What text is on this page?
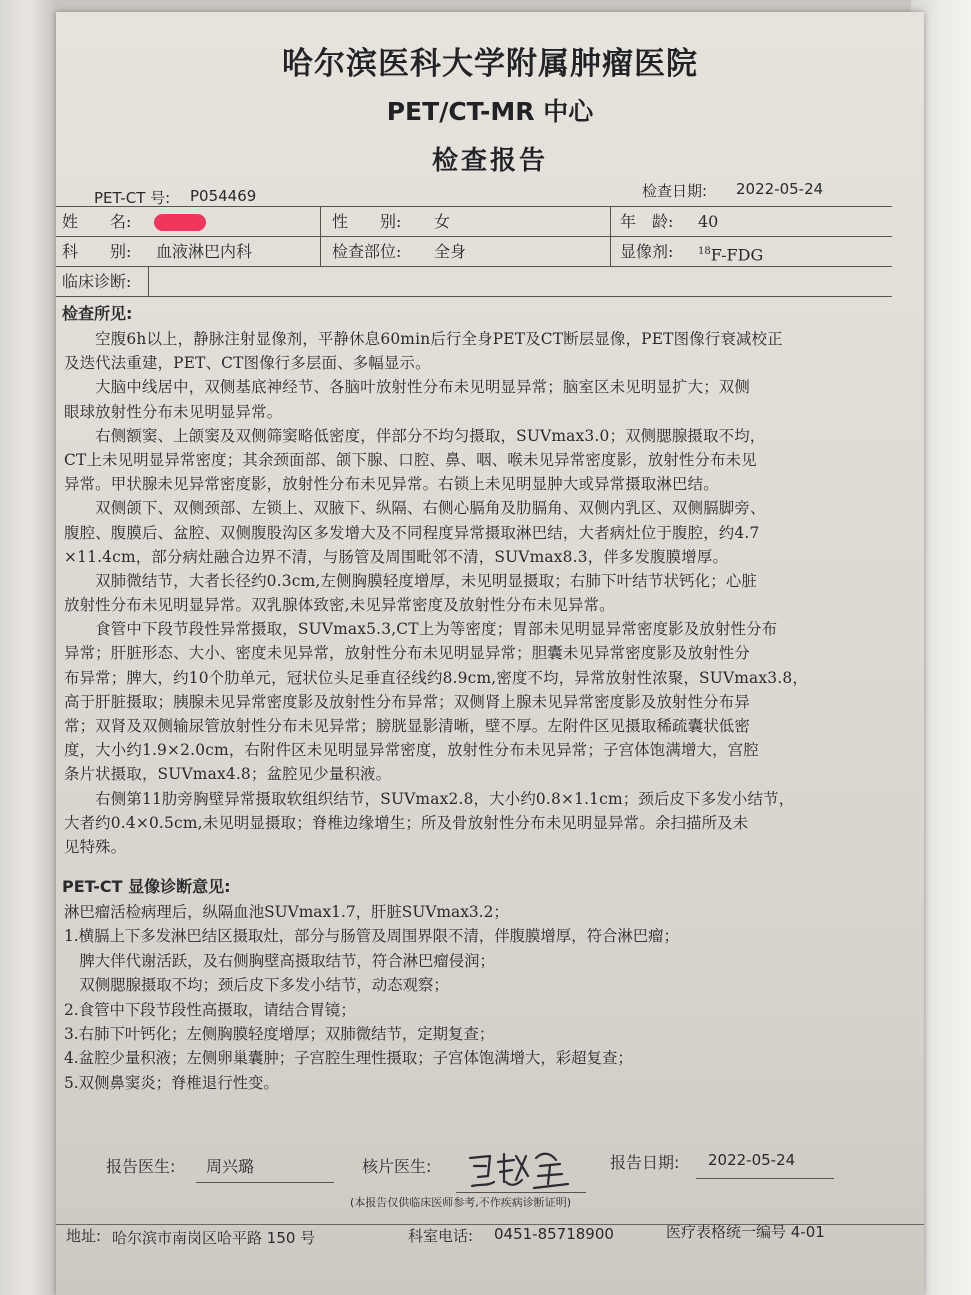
哈尔滨医科大学附属肿瘤医院
PET/CT-MR 中心
检查报告
PET-CT 号: P054469	检查日期: 2022-05-24
姓　　名:	性　　别: 女	年　龄: 40
科　　别: 血液淋巴内科	检查部位: 全身	显像剂: $^{18}$F-FDG
临床诊断:
检查所见:
　　空腹6h以上，静脉注射显像剂，平静休息60min后行全身PET及CT断层显像，PET图像行衰减校正
及迭代法重建，PET、CT图像行多层面、多幅显示。
　　大脑中线居中，双侧基底神经节、各脑叶放射性分布未见明显异常；脑室区未见明显扩大；双侧
眼球放射性分布未见明显异常。
　　右侧额窦、上颌窦及双侧筛窦略低密度，伴部分不均匀摄取，SUVmax3.0；双侧腮腺摄取不均，
CT上未见明显异常密度；其余颈面部、颌下腺、口腔、鼻、咽、喉未见异常密度影，放射性分布未见
异常。甲状腺未见异常密度影，放射性分布未见异常。右锁上未见明显肿大或异常摄取淋巴结。
　　双侧颌下、双侧颈部、左锁上、双腋下、纵隔、右侧心膈角及肋膈角、双侧内乳区、双侧膈脚旁、
腹腔、腹膜后、盆腔、双侧腹股沟区多发增大及不同程度异常摄取淋巴结，大者病灶位于腹腔，约4.7
×11.4cm，部分病灶融合边界不清，与肠管及周围毗邻不清，SUVmax8.3，伴多发腹膜增厚。
　　双肺微结节，大者长径约0.3cm,左侧胸膜轻度增厚，未见明显摄取；右肺下叶结节状钙化；心脏
放射性分布未见明显异常。双乳腺体致密,未见异常密度及放射性分布未见异常。
　　食管中下段节段性异常摄取，SUVmax5.3,CT上为等密度；胃部未见明显异常密度影及放射性分布
异常；肝脏形态、大小、密度未见异常，放射性分布未见明显异常；胆囊未见异常密度影及放射性分
布异常；脾大，约10个肋单元，冠状位头足垂直径线约8.9cm,密度不均，异常放射性浓聚，SUVmax3.8，
高于肝脏摄取；胰腺未见异常密度影及放射性分布异常；双侧肾上腺未见异常密度影及放射性分布异
常；双肾及双侧输尿管放射性分布未见异常；膀胱显影清晰，壁不厚。左附件区见摄取稀疏囊状低密
度，大小约1.9×2.0cm，右附件区未见明显异常密度，放射性分布未见异常；子宫体饱满增大，宫腔
条片状摄取，SUVmax4.8；盆腔见少量积液。
　　右侧第11肋旁胸壁异常摄取软组织结节，SUVmax2.8，大小约0.8×1.1cm；颈后皮下多发小结节，
大者约0.4×0.5cm,未见明显摄取；脊椎边缘增生；所及骨放射性分布未见明显异常。余扫描所及未
见特殊。
PET-CT 显像诊断意见:
淋巴瘤活检病理后，纵隔血池SUVmax1.7，肝脏SUVmax3.2；
1.横膈上下多发淋巴结区摄取灶，部分与肠管及周围界限不清，伴腹膜增厚，符合淋巴瘤；
　脾大伴代谢活跃，及右侧胸壁高摄取结节，符合淋巴瘤侵润；
　双侧腮腺摄取不均；颈后皮下多发小结节，动态观察；
2.食管中下段节段性高摄取，请结合胃镜；
3.右肺下叶钙化；左侧胸膜轻度增厚；双肺微结节，定期复查；
4.盆腔少量积液；左侧卵巢囊肿；子宫腔生理性摄取；子宫体饱满增大，彩超复查；
5.双侧鼻窦炎；脊椎退行性变。
报告医生: 周兴璐	核片医生:	报告日期: 2022-05-24
(本报告仅供临床医师参考,不作疾病诊断证明)
地址: 哈尔滨市南岗区哈平路 150 号	科室电话: 0451-85718900	医疗表格统一编号 4-01
